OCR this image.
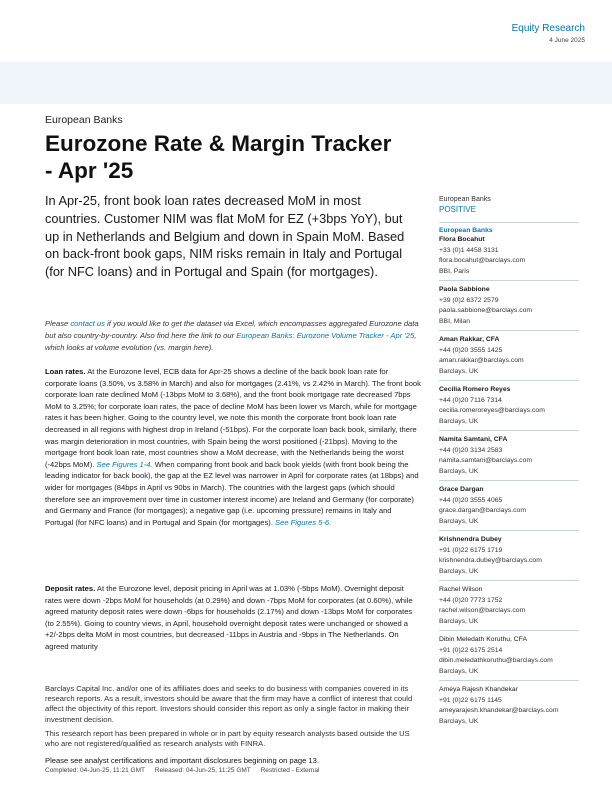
Equity Research
4 June 2025
European Banks
Eurozone Rate & Margin Tracker - Apr '25
In Apr-25, front book loan rates decreased MoM in most countries. Customer NIM was flat MoM for EZ (+3bps YoY), but up in Netherlands and Belgium and down in Spain MoM. Based on back-front book gaps, NIM risks remain in Italy and Portugal (for NFC loans) and in Portugal and Spain (for mortgages).
Please contact us if you would like to get the dataset via Excel, which encompasses aggregated Eurozone data but also country-by-country. Also find here the link to our European Banks: Eurozone Volume Tracker - Apr '25, which looks at volume evolution (vs. margin here).
Loan rates. At the Eurozone level, ECB data for Apr-25 shows a decline of the back book loan rate for corporate loans (3.50%, vs 3.58% in March) and also for mortgages (2.41%, vs 2.42% in March). The front book corporate loan rate declined MoM (-13bps MoM to 3.68%), and the front book mortgage rate decreased 7bps MoM to 3.25%; for corporate loan rates, the pace of decline MoM has been lower vs March, while for mortgage rates it has been higher. Going to the country level, we note this month the corporate front book loan rate decreased in all regions with highest drop in Ireland (-51bps). For the corporate loan back book, similarly, there was margin deterioration in most countries, with Spain being the worst positioned (-21bps). Moving to the mortgage front book loan rate, most countries show a MoM decrease, with the Netherlands being the worst (-42bps MoM). See Figures 1-4. When comparing front book and back book yields (with front book being the leading indicator for back book), the gap at the EZ level was narrower in April for corporate rates (at 18bps) and wider for mortgages (84bps in April vs 90bs in March). The countries with the largest gaps (which should therefore see an improvement over time in customer interest income) are Ireland and Germany (for corporate) and Germany and France (for mortgages); a negative gap (i.e. upcoming pressure) remains in Italy and Portugal (for NFC loans) and in Portugal and Spain (for mortgages). See Figures 5-6.
Deposit rates. At the Eurozone level, deposit pricing in April was at 1.03% (-5bps MoM). Overnight deposit rates were down -2bps MoM for households (at 0.29%) and down -7bps MoM for corporates (at 0.60%), while agreed maturity deposit rates were down -6bps for households (2.17%) and down -13bps MoM for corporates (to 2.55%). Going to country views, in April, household overnight deposit rates were unchanged or showed a +2/-2bps delta MoM in most countries, but decreased -11bps in Austria and -9bps in The Netherlands. On agreed maturity
Barclays Capital Inc. and/or one of its affiliates does and seeks to do business with companies covered in its research reports. As a result, investors should be aware that the firm may have a conflict of interest that could affect the objectivity of this report. Investors should consider this report as only a single factor in making their investment decision.
This research report has been prepared in whole or in part by equity research analysts based outside the US who are not registered/qualified as research analysts with FINRA.
Please see analyst certifications and important disclosures beginning on page 13.
Completed: 04-Jun-25, 11:21 GMT Released: 04-Jun-25, 11:25 GMT Restricted - External
European Banks
POSITIVE
European Banks
Flora Bocahut
+33 (0)1 4458 3131
flora.bocahut@barclays.com
BBI, Paris
Paola Sabbione
+39 (0)2 6372 2579
paola.sabbione@barclays.com
BBI, Milan
Aman Rakkar, CFA
+44 (0)20 3555 1425
aman.rakkar@barclays.com
Barclays, UK
Cecilia Romero Reyes
+44 (0)20 7116 7314
cecilia.romeroreyes@barclays.com
Barclays, UK
Namita Samtani, CFA
+44 (0)20 3134 2583
namita.samtani@barclays.com
Barclays, UK
Grace Dargan
+44 (0)20 3555 4065
grace.dargan@barclays.com
Barclays, UK
Krishnendra Dubey
+91 (0)22 6175 1719
krishnendra.dubey@barclays.com
Barclays, UK
Rachel Wilson
+44 (0)20 7773 1752
rachel.wilson@barclays.com
Barclays, UK
Dibin Meledath Koruthu, CFA
+91 (0)22 6175 2514
dibin.meledathkoruthu@barclays.com
Barclays, UK
Ameya Rajesh Khandekar
+91 (0)22 6175 1145
ameyarajesh.khandekar@barclays.com
Barclays, UK
